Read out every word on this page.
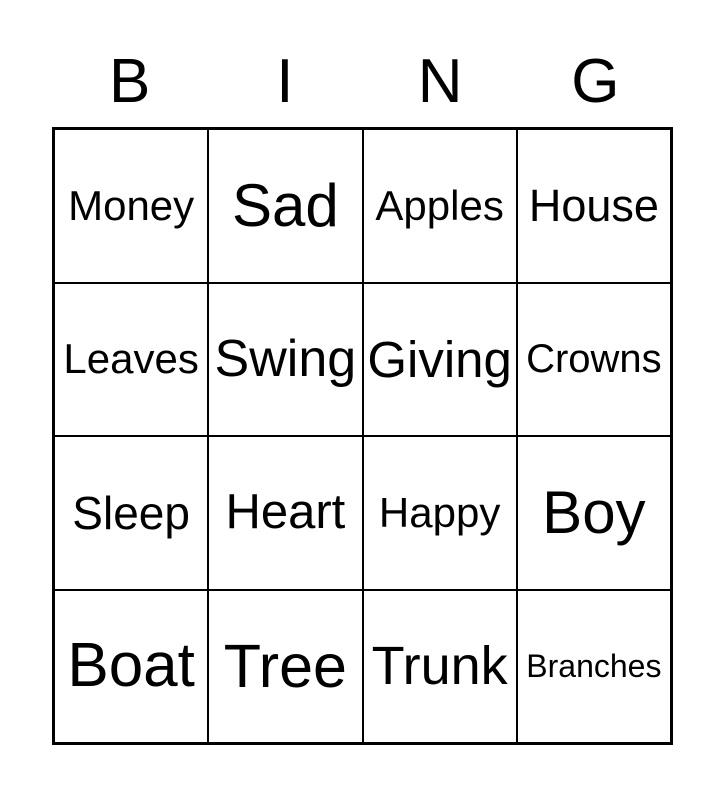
B	I	N	G
Money Sad Apples House
Leaves Swing Giving Crowns
Sleep Heart Happy Boy
Boat Tree Trunk Branches
